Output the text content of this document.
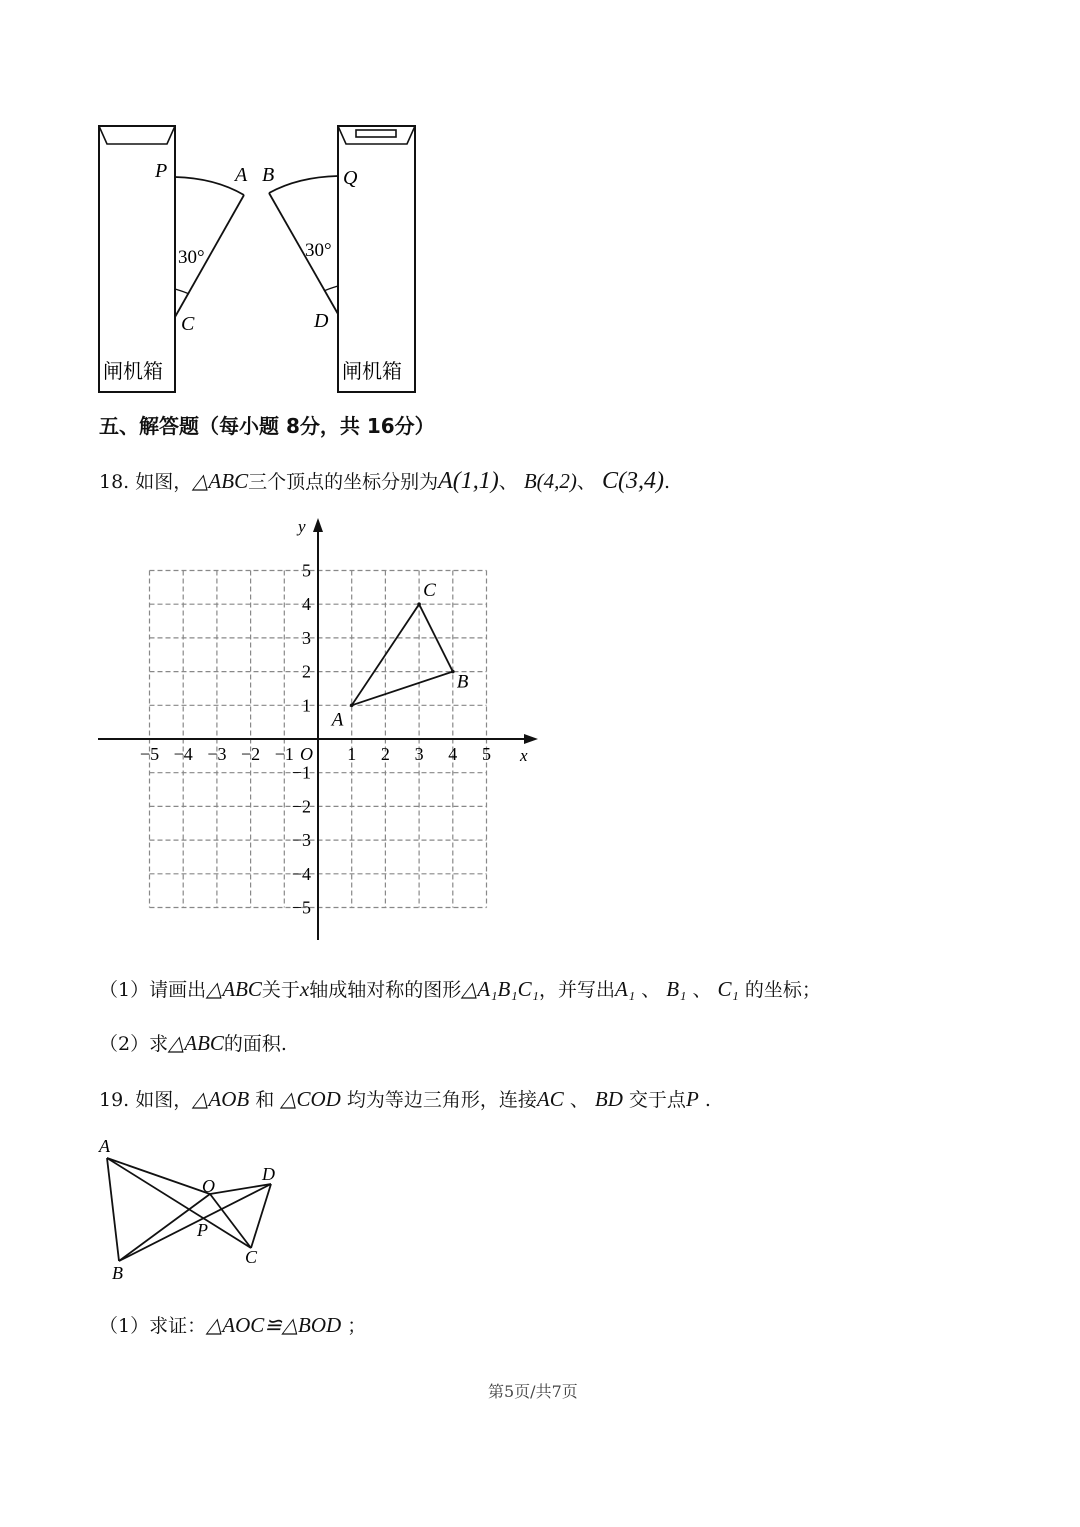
闸机箱
P	A
C
30°
闸机箱
B	Q
D
30°
五、解答题（每小题 8分，共 16分）
18. 如图，△ABC三个顶点的坐标分别为A(1,1)、 B(4,2)、 C(3,4).
x
y
O
−5 −4 −3 −2 −1	1 2 3 4 5
5
4
3
2
1
−1
−2
−3
−4
−5
A
B
C
（1）请画出△ABC关于x轴成轴对称的图形△A₁B₁C₁，并写出A₁ 、 B₁ 、 C₁ 的坐标；
（2）求△ABC的面积.
19. 如图，△AOB 和 △COD 均为等边三角形，连接AC 、 BD 交于点P .
A
O
D
P
B
C
（1）求证：△AOC≌△BOD ；
第5页/共7页
